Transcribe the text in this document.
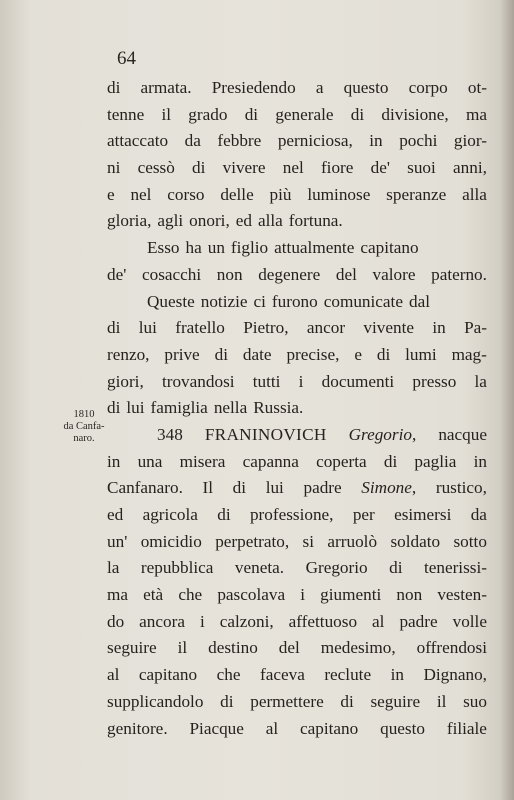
64
1810
da Canfa-
naro.
di armata. Presiedendo a questo corpo ot-
tenne il grado di generale di divisione, ma
attaccato da febbre perniciosa, in pochi gior-
ni cessò di vivere nel fiore de' suoi anni,
e nel corso delle più luminose speranze alla
gloria, agli onori, ed alla fortuna.
Esso ha un figlio attualmente capitano
de' cosacchi non degenere del valore paterno.
Queste notizie ci furono comunicate dal
di lui fratello Pietro, ancor vivente in Pa-
renzo, prive di date precise, e di lumi mag-
giori, trovandosi tutti i documenti presso la
di lui famiglia nella Russia.
348 FRANINOVICH Gregorio, nacque
in una misera capanna coperta di paglia in
Canfanaro. Il di lui padre Simone, rustico,
ed agricola di professione, per esimersi da
un' omicidio perpetrato, si arruolò soldato sotto
la repubblica veneta. Gregorio di tenerissi-
ma età che pascolava i giumenti non vesten-
do ancora i calzoni, affettuoso al padre volle
seguire il destino del medesimo, offrendosi
al capitano che faceva reclute in Dignano,
supplicandolo di permettere di seguire il suo
genitore. Piacque al capitano questo filiale
